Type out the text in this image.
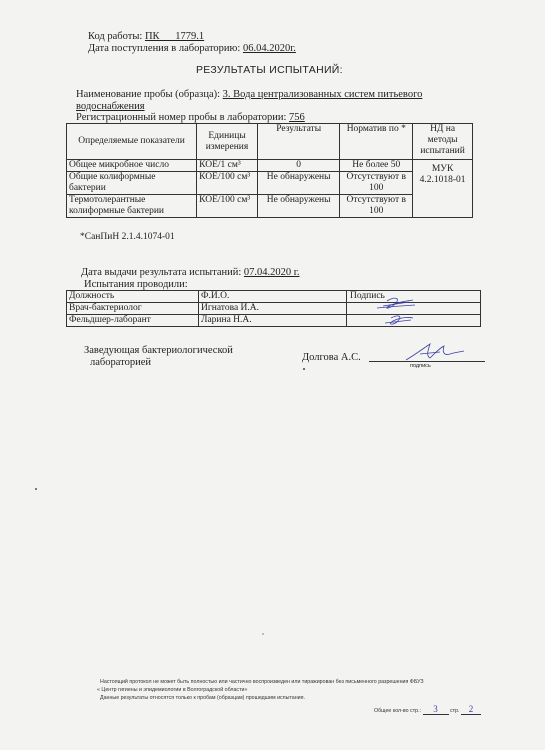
Код работы: ПК      1779.1
Дата поступления в лабораторию: 06.04.2020г.
РЕЗУЛЬТАТЫ ИСПЫТАНИЙ:
Наименование пробы (образца): 3. Вода централизованных систем питьевого
водоснабжения
Регистрационный номер пробы в лаборатории: 756
Определяемые показатели	Единицы измерения	Результаты	Норматив по *	НД на методы испытаний
Общее микробное число	КОЕ/1 см³	0	Не более 50	МУК 4.2.1018-01
Общие колиформные бактерии	КОЕ/100 см³	Не обнаружены	Отсутствуют в 100	
Термотолерантные колиформные бактерии	КОЕ/100 см³	Не обнаружены	Отсутствуют в 100	
*СанПиН 2.1.4.1074-01
Дата выдачи результата испытаний: 07.04.2020 г.
Испытания проводили:
Должность	Ф.И.О.	Подпись
Врач-бактериолог	Игнатова И.А.	
Фельдшер-лаборант	Ларина Н.А.	
Заведующая бактериологической
лабораторией	Долгова А.С.
подпись
Настоящий протокол не может быть полностью или частично воспроизведен или тиражирован без письменного разрешения ФБУЗ
« Центр гигиены и эпидемиологии в Волгоградской области»
Данные результаты относятся только к пробам (образцам) прошедшим испытания.
Общее кол-во стр.: 3 стр. 2
